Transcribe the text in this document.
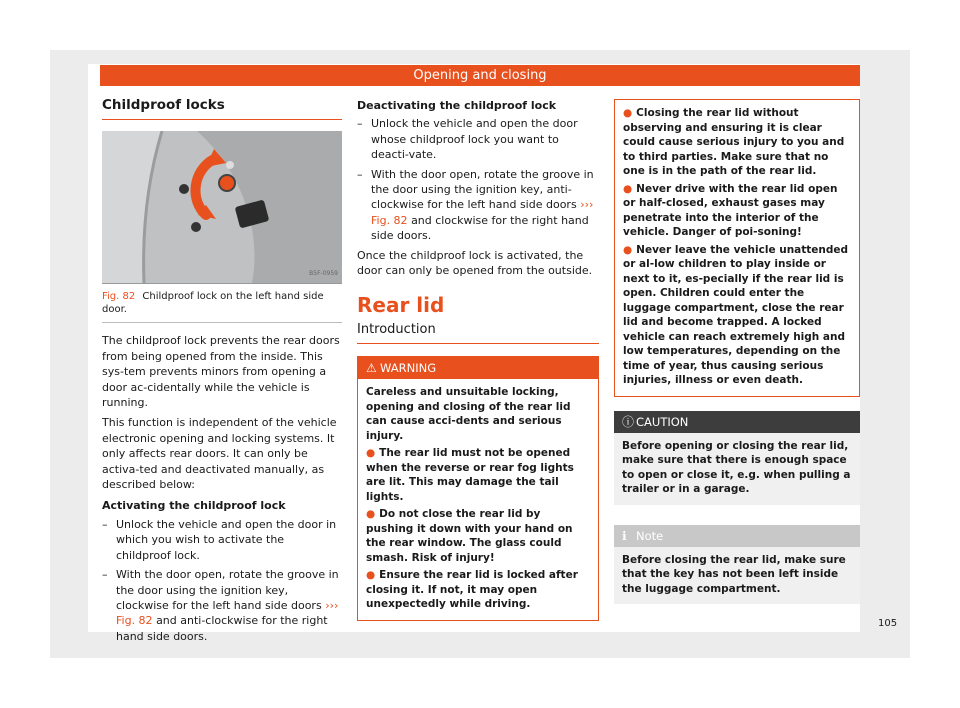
Opening and closing
Childproof locks
B5F-0959
Fig. 82 Childproof lock on the left hand side door.

The childproof lock prevents the rear doors from being opened from the inside. This sys-tem prevents minors from opening a door ac-cidentally while the vehicle is running.

This function is independent of the vehicle electronic opening and locking systems. It only affects rear doors. It can only be activa-ted and deactivated manually, as described below:

Activating the childproof lock
– Unlock the vehicle and open the door in which you wish to activate the childproof lock.
– With the door open, rotate the groove in the door using the ignition key, clockwise for the left hand side doors ››› Fig. 82 and anti-clockwise for the right hand side doors.
Deactivating the childproof lock
– Unlock the vehicle and open the door whose childproof lock you want to deacti-vate.
– With the door open, rotate the groove in the door using the ignition key, anti-clockwise for the left hand side doors ››› Fig. 82 and clockwise for the right hand side doors.

Once the childproof lock is activated, the door can only be opened from the outside.

Rear lid
Introduction
⚠ WARNING
Careless and unsuitable locking, opening and closing of the rear lid can cause acci-dents and serious injury.
● The rear lid must not be opened when the reverse or rear fog lights are lit. This may damage the tail lights.
● Do not close the rear lid by pushing it down with your hand on the rear window. The glass could smash. Risk of injury!
● Ensure the rear lid is locked after closing it. If not, it may open unexpectedly while driving.
● Closing the rear lid without observing and ensuring it is clear could cause serious injury to you and to third parties. Make sure that no one is in the path of the rear lid.
● Never drive with the rear lid open or half-closed, exhaust gases may penetrate into the interior of the vehicle. Danger of poi-soning!
● Never leave the vehicle unattended or al-low children to play inside or next to it, es-pecially if the rear lid is open. Children could enter the luggage compartment, close the rear lid and become trapped. A locked vehicle can reach extremely high and low temperatures, depending on the time of year, thus causing serious injuries, illness or even death.
ⓘ CAUTION
Before opening or closing the rear lid, make sure that there is enough space to open or close it, e.g. when pulling a trailer or in a garage.
ℹ Note
Before closing the rear lid, make sure that the key has not been left inside the luggage compartment.
105
